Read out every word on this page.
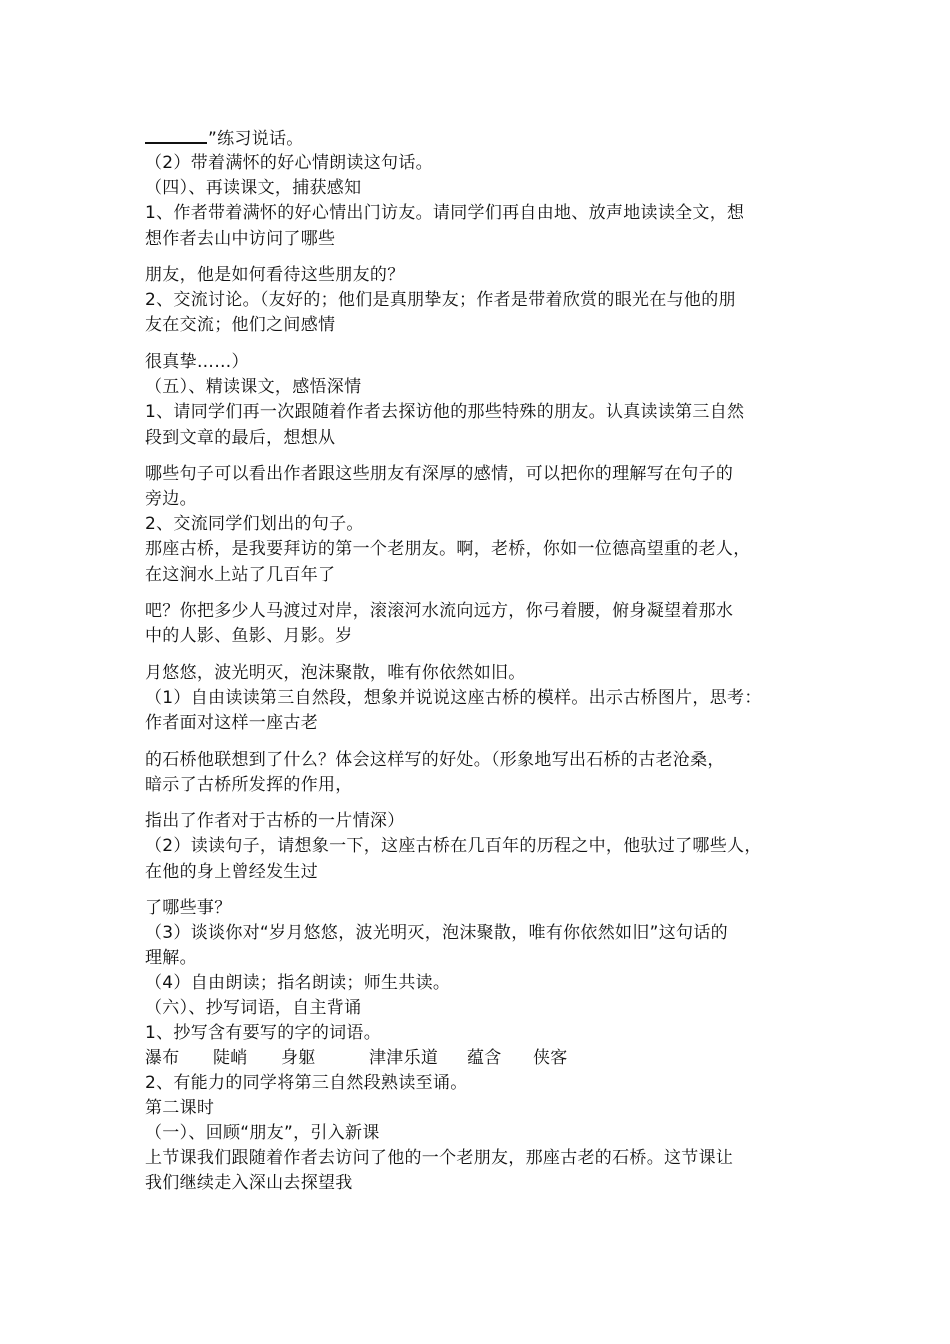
”练习说话。
（2）带着满怀的好心情朗读这句话。
（四）、再读课文，捕获感知
1、作者带着满怀的好心情出门访友。请同学们再自由地、放声地读读全文，想
想作者去山中访问了哪些
朋友，他是如何看待这些朋友的？
2、交流讨论。（友好的；他们是真朋挚友；作者是带着欣赏的眼光在与他的朋
友在交流；他们之间感情
很真挚……）
（五）、精读课文，感悟深情
1、请同学们再一次跟随着作者去探访他的那些特殊的朋友。认真读读第三自然
段到文章的最后，想想从
哪些句子可以看出作者跟这些朋友有深厚的感情，可以把你的理解写在句子的
旁边。
2、交流同学们划出的句子。
那座古桥，是我要拜访的第一个老朋友。啊，老桥，你如一位德高望重的老人，
在这涧水上站了几百年了
吧？你把多少人马渡过对岸，滚滚河水流向远方，你弓着腰，俯身凝望着那水
中的人影、鱼影、月影。岁
月悠悠，波光明灭，泡沫聚散，唯有你依然如旧。
（1）自由读读第三自然段，想象并说说这座古桥的模样。出示古桥图片，思考：
作者面对这样一座古老
的石桥他联想到了什么？体会这样写的好处。（形象地写出石桥的古老沧桑，
暗示了古桥所发挥的作用，
指出了作者对于古桥的一片情深）
（2）读读句子，请想象一下，这座古桥在几百年的历程之中，他驮过了哪些人，
在他的身上曾经发生过
了哪些事？
（3）谈谈你对“岁月悠悠，波光明灭，泡沫聚散，唯有你依然如旧”这句话的
理解。
（4）自由朗读；指名朗读；师生共读。
（六）、抄写词语，自主背诵
1、抄写含有要写的字的词语。
瀑布 陡峭 身躯	津津乐道 蕴含 侠客
2、有能力的同学将第三自然段熟读至诵。
第二课时
（一）、回顾“朋友”，引入新课
上节课我们跟随着作者去访问了他的一个老朋友，那座古老的石桥。这节课让
我们继续走入深山去探望我
